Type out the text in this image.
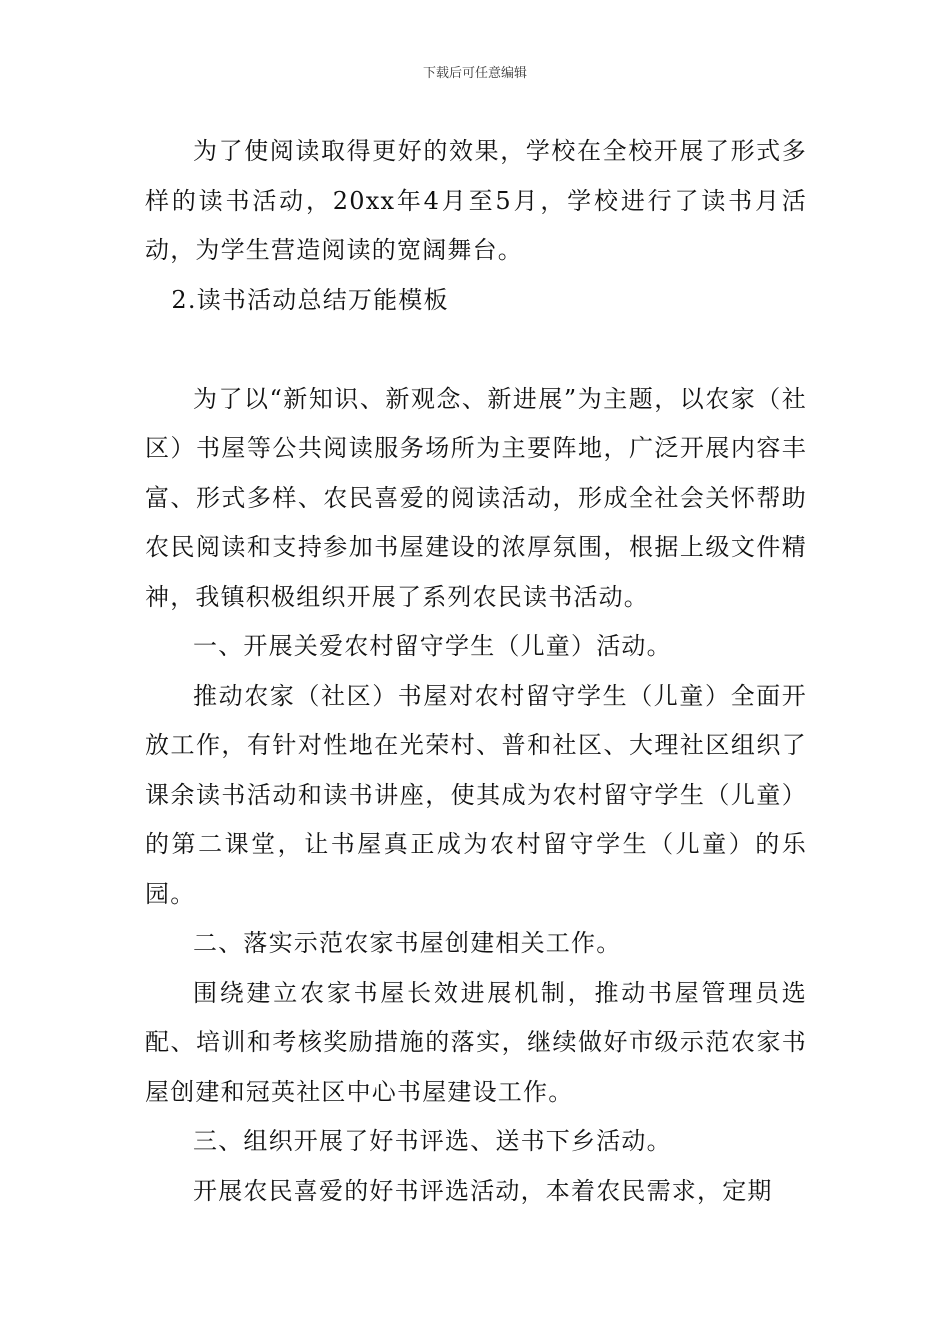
下载后可任意编辑

为了使阅读取得更好的效果，学校在全校开展了形式多样的读书活动，20xx年4月至5月，学校进行了读书月活动，为学生营造阅读的宽阔舞台。

2.读书活动总结万能模板

为了以“新知识、新观念、新进展”为主题，以农家（社区）书屋等公共阅读服务场所为主要阵地，广泛开展内容丰富、形式多样、农民喜爱的阅读活动，形成全社会关怀帮助农民阅读和支持参加书屋建设的浓厚氛围，根据上级文件精神，我镇积极组织开展了系列农民读书活动。

一、开展关爱农村留守学生（儿童）活动。

推动农家（社区）书屋对农村留守学生（儿童）全面开放工作，有针对性地在光荣村、普和社区、大理社区组织了课余读书活动和读书讲座，使其成为农村留守学生（儿童）的第二课堂，让书屋真正成为农村留守学生（儿童）的乐园。

二、落实示范农家书屋创建相关工作。

围绕建立农家书屋长效进展机制，推动书屋管理员选配、培训和考核奖励措施的落实，继续做好市级示范农家书屋创建和冠英社区中心书屋建设工作。

三、组织开展了好书评选、送书下乡活动。

开展农民喜爱的好书评选活动，本着农民需求，定期
